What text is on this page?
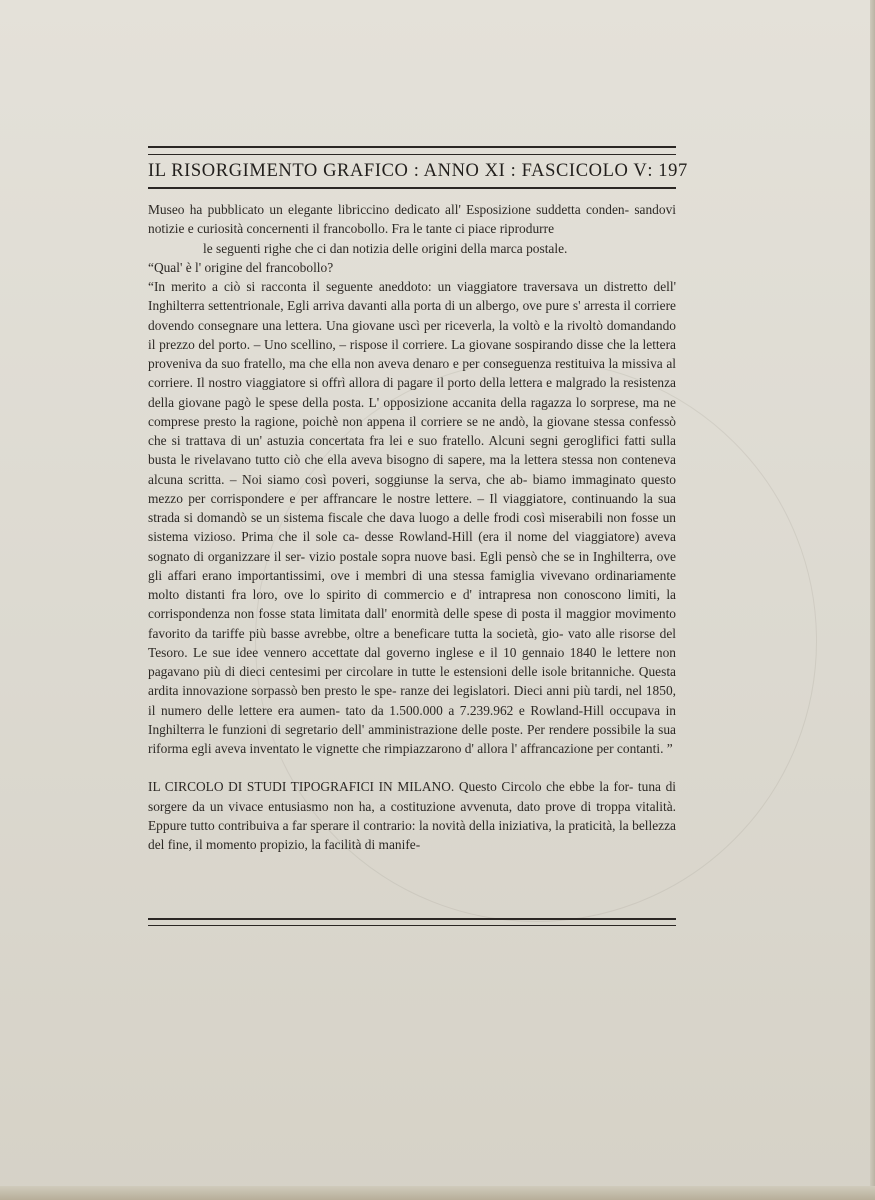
IL RISORGIMENTO GRAFICO : ANNO XI : FASCICOLO V : 197

Museo ha pubblicato un elegante libriccino dedicato all' Esposizione suddetta conden- sandovi notizie e curiosità concernenti il francobollo. Fra le tante ci piace riprodurre

le seguenti righe che ci dan notizia delle origini della marca postale.

“Qual' è l' origine del francobollo?

“In merito a ciò si racconta il seguente aneddoto: un viaggiatore traversava un distretto dell' Inghilterra settentrionale, Egli arriva davanti alla porta di un albergo, ove pure s' arresta il corriere dovendo consegnare una lettera. Una giovane uscì per riceverla, la voltò e la rivoltò domandando il prezzo del porto. – Uno scellino, – rispose il corriere. La giovane sospirando disse che la lettera proveniva da suo fratello, ma che ella non aveva denaro e per conseguenza restituiva la missiva al corriere. Il nostro viaggiatore si offrì allora di pagare il porto della lettera e malgrado la resistenza della giovane pagò le spese della posta. L' opposizione accanita della ragazza lo sorprese, ma ne comprese presto la ragione, poichè non appena il corriere se ne andò, la giovane stessa confessò che si trattava di un' astuzia concertata fra lei e suo fratello. Alcuni segni geroglifici fatti sulla busta le rivelavano tutto ciò che ella aveva bisogno di sapere, ma la lettera stessa non conteneva alcuna scritta. – Noi siamo così poveri, soggiunse la serva, che ab- biamo immaginato questo mezzo per corrispondere e per affrancare le nostre lettere. – Il viaggiatore, continuando la sua strada si domandò se un sistema fiscale che dava luogo a delle frodi così miserabili non fosse un sistema vizioso. Prima che il sole ca- desse Rowland-Hill (era il nome del viaggiatore) aveva sognato di organizzare il ser- vizio postale sopra nuove basi. Egli pensò che se in Inghilterra, ove gli affari erano importantissimi, ove i membri di una stessa famiglia vivevano ordinariamente molto distanti fra loro, ove lo spirito di commercio e d' intrapresa non conoscono limiti, la corrispondenza non fosse stata limitata dall' enormità delle spese di posta il maggior movimento favorito da tariffe più basse avrebbe, oltre a beneficare tutta la società, gio- vato alle risorse del Tesoro. Le sue idee vennero accettate dal governo inglese e il 10 gennaio 1840 le lettere non pagavano più di dieci centesimi per circolare in tutte le estensioni delle isole britanniche. Questa ardita innovazione sorpassò ben presto le spe- ranze dei legislatori. Dieci anni più tardi, nel 1850, il numero delle lettere era aumen- tato da 1.500.000 a 7.239.962 e Rowland-Hill occupava in Inghilterra le funzioni di segretario dell' amministrazione delle poste. Per rendere possibile la sua riforma egli aveva inventato le vignette che rimpiazzarono d' allora l' affrancazione per contanti. ”

IL CIRCOLO DI STUDI TIPOGRAFICI IN MILANO. Questo Circolo che ebbe la for- tuna di sorgere da un vivace entusiasmo non ha, a costituzione avvenuta, dato prove di troppa vitalità. Eppure tutto contribuiva a far sperare il contrario: la novità della iniziativa, la praticità, la bellezza del fine, il momento propizio, la facilità di manife-
